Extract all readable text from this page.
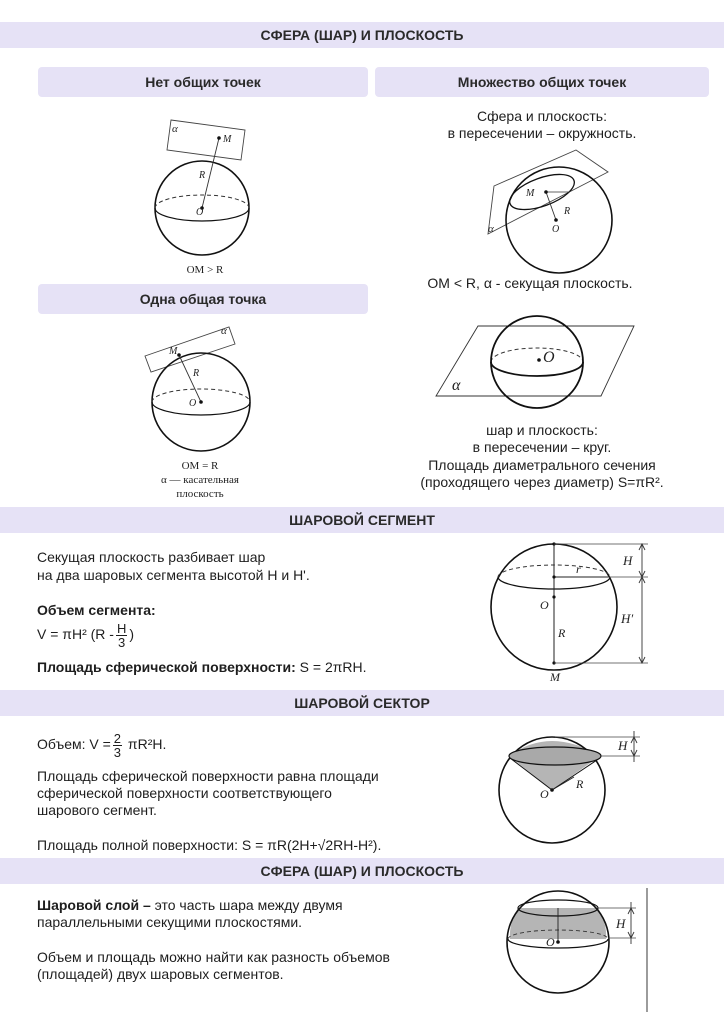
СФЕРА (ШАР) И ПЛОСКОСТЬ
Нет общих точек	Множество общих точек
α
M
R
O
OM > R
Одна общая точка
α
M
R
O
OM = R
α — касательная
плоскость
Сфера и плоскость:
в пересечении – окружность.
M
R
O
α
OM < R, α - секущая плоскость.
O
α
шар и плоскость:
в пересечении – круг.
Площадь диаметрального сечения
(проходящего через диаметр) S=πR².
ШАРОВОЙ СЕГМЕНТ
Секущая плоскость разбивает шар
на два шаровых сегмента высотой H и H'.
Объем сегмента:
V = πH² ($R - \frac{H}{3}$ )
Площадь сферической поверхности: S = 2πRH.
H
r
O
H′
R
M
ШАРОВОЙ СЕКТОР
Объем: $V = \frac{2}{3} \pi R^2H$.
Площадь сферической поверхности равна площади
сферической поверхности соответствующего
шарового сегмент.
Площадь полной поверхности: S = πR(2H+√2RH-H²).
H
O
R
СФЕРА (ШАР) И ПЛОСКОСТЬ
Шаровой слой – это часть шара между двумя
параллельными секущими плоскостями.
Объем и площадь можно найти как разность объемов
(площадей) двух шаровых сегментов.
H
O
